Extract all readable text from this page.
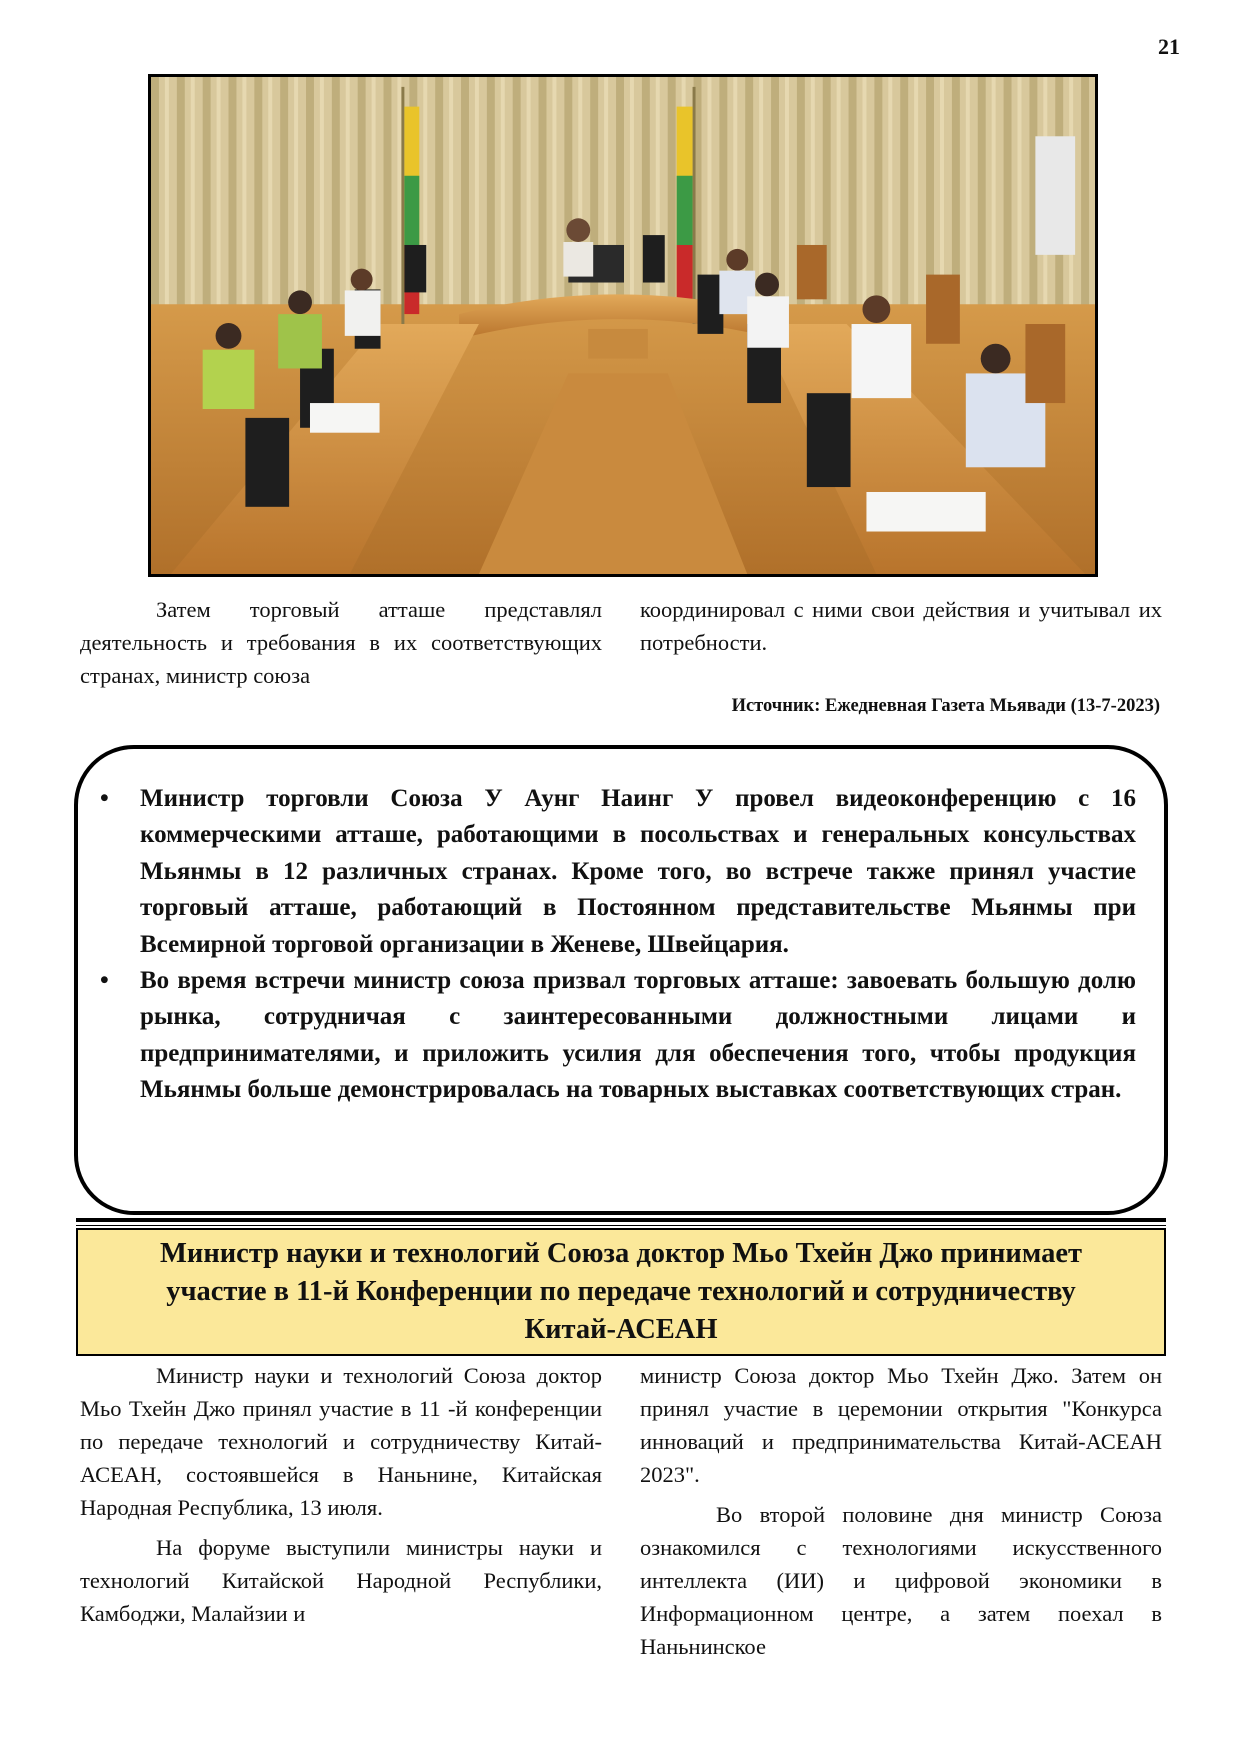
21

Затем торговый атташе представлял деятельность и требования в их соответствующих странах, министр союза

координировал с ними свои действия и учитывал их потребности.

Источник: Ежедневная Газета Мьявади (13-7-2023)
• Министр торговли Союза У Аунг Наинг У провел видеоконференцию с 16 коммерческими атташе, работающими в посольствах и генеральных консульствах Мьянмы в 12 различных странах. Кроме того, во встрече также принял участие торговый атташе, работающий в Постоянном представительстве Мьянмы при Всемирной торговой организации в Женеве, Швейцария.
• Во время встречи министр союза призвал торговых атташе: завоевать большую долю рынка, сотрудничая с заинтересованными должностными лицами и предпринимателями, и приложить усилия для обеспечения того, чтобы продукция Мьянмы больше демонстрировалась на товарных выставках соответствующих стран.
Министр науки и технологий Союза доктор Мьо Тхейн Джо принимает
участие в 11-й Конференции по передаче технологий и сотрудничеству
Китай-АСЕАН

Министр науки и технологий Союза доктор Мьо Тхейн Джо принял участие в 11 -й конференции по передаче технологий и сотрудничеству Китай-АСЕАН, состоявшейся в Наньнине, Китайская Народная Республика, 13 июля.

На форуме выступили министры науки и технологий Китайской Народной Республики, Камбоджи, Малайзии и

министр Союза доктор Мьо Тхейн Джо. Затем он принял участие в церемонии открытия "Конкурса инноваций и предпринимательства Китай-АСЕАН 2023".

Во второй половине дня министр Союза ознакомился с технологиями искусственного интеллекта (ИИ) и цифровой экономики в Информационном центре, а затем поехал в Наньнинское
